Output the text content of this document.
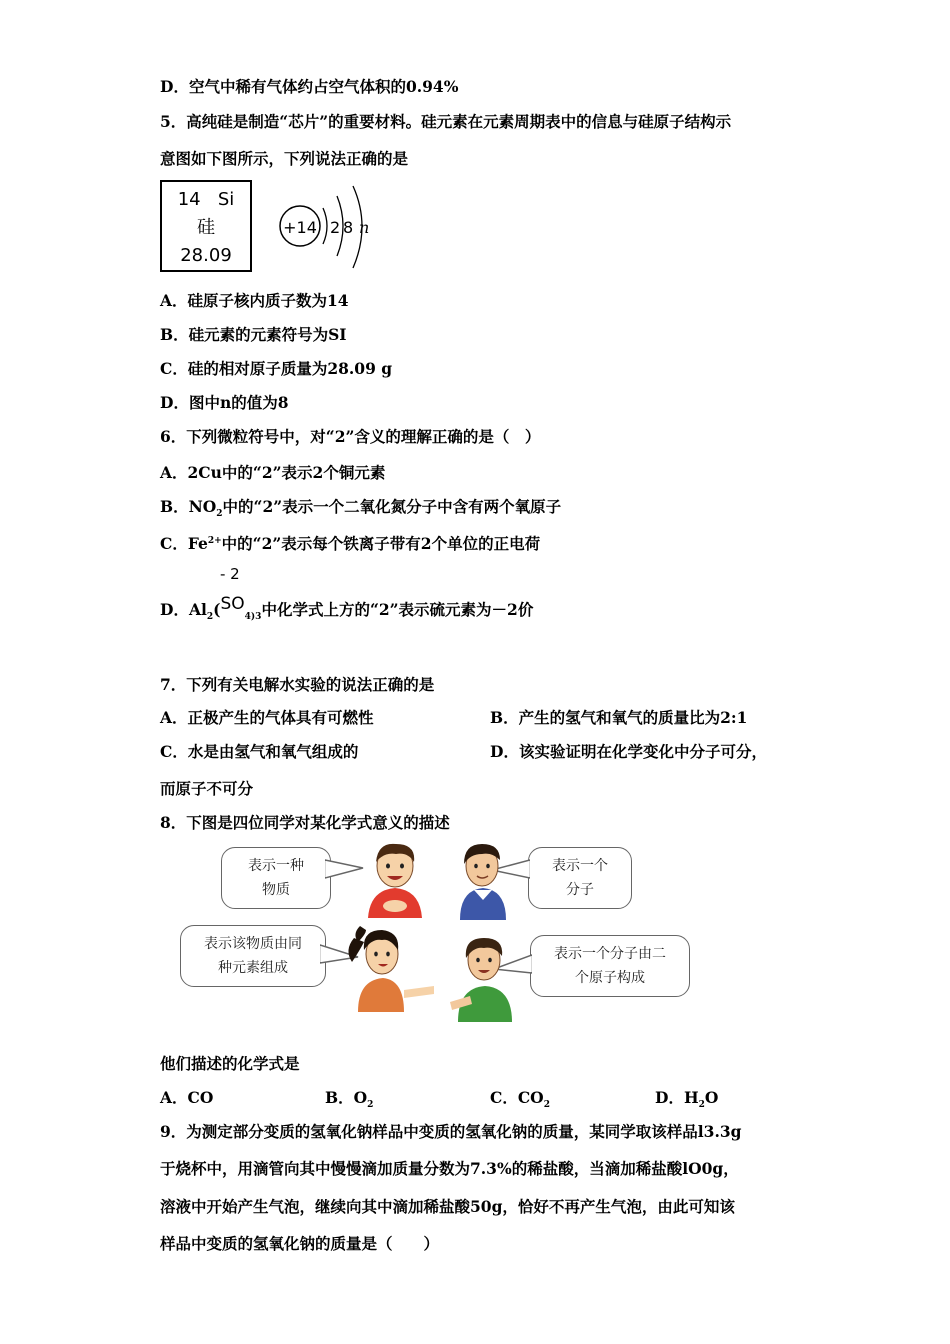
D．空气中稀有气体约占空气体积的0.94%
5．高纯硅是制造“芯片”的重要材料。硅元素在元素周期表中的信息与硅原子结构示
意图如下图所示，下列说法正确的是
14 Si
硅
28.09
+14 2 8 n
A．硅原子核内质子数为14
B．硅元素的元素符号为SI
C．硅的相对原子质量为28.09 g
D．图中n的值为8
6．下列微粒符号中，对“2”含义的理解正确的是（　）
A．2Cu中的“2”表示2个铜元素
B．$NO_2$中的“2”表示一个二氧化氮分子中含有两个氧原子
C．$Fe^{2+}$中的“2”表示每个铁离子带有2个单位的正电荷
- 2
D．$Al_2(SO_{4)3}$中化学式上方的“2”表示硫元素为－2价
7．下列有关电解水实验的说法正确的是
A．正极产生的气体具有可燃性	B．产生的氢气和氧气的质量比为2:1
C．水是由氢气和氧气组成的	D．该实验证明在化学变化中分子可分，
而原子不可分
8．下图是四位同学对某化学式意义的描述
表示一种
物质
表示一个
分子
表示该物质由同
种元素组成
表示一个分子由二
个原子构成
他们描述的化学式是
A．CO	B．$O_2$	C．$CO_2$	D．$H_2O$
9．为测定部分变质的氢氧化钠样品中变质的氢氧化钠的质量，某同学取该样品l3.3g
于烧杯中，用滴管向其中慢慢滴加质量分数为7.3%的稀盐酸，当滴加稀盐酸lO0g，
溶液中开始产生气泡，继续向其中滴加稀盐酸50g，恰好不再产生气泡，由此可知该
样品中变质的氢氧化钠的质量是（　　）
